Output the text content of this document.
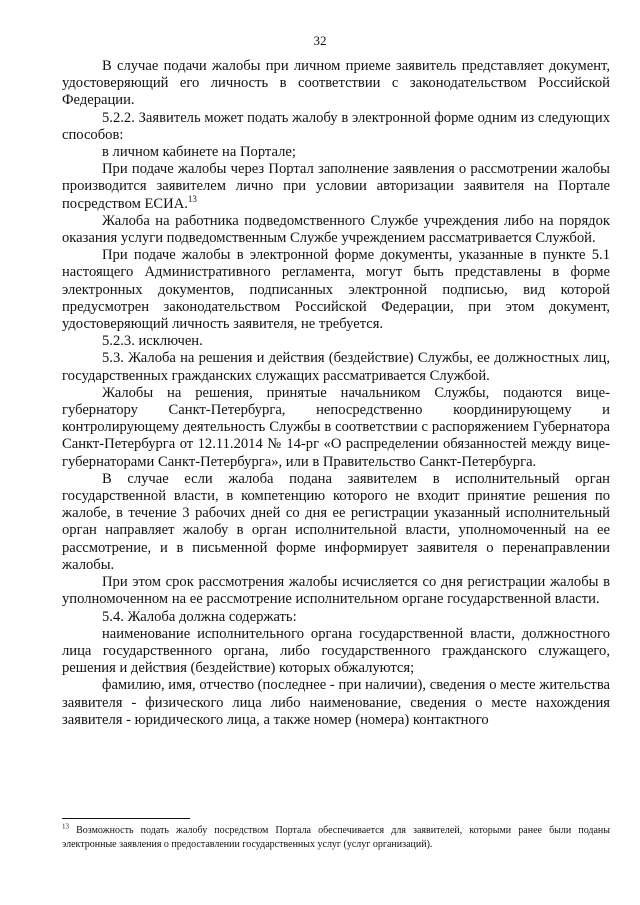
32

В случае подачи жалобы при личном приеме заявитель представляет документ, удостоверяющий его личность в соответствии с законодательством Российской Федерации.

5.2.2. Заявитель может подать жалобу в электронной форме одним из следующих способов:

в личном кабинете на Портале;

При подаче жалобы через Портал заполнение заявления о рассмотрении жалобы производится заявителем лично при условии авторизации заявителя на Портале посредством ЕСИА.$^{13}$

Жалоба на работника подведомственного Службе учреждения либо на порядок оказания услуги подведомственным Службе учреждением рассматривается Службой.

При подаче жалобы в электронной форме документы, указанные в пункте 5.1 настоящего Административного регламента, могут быть представлены в форме электронных документов, подписанных электронной подписью, вид которой предусмотрен законодательством Российской Федерации, при этом документ, удостоверяющий личность заявителя, не требуется.

5.2.3. исключен.

5.3. Жалоба на решения и действия (бездействие) Службы, ее должностных лиц, государственных гражданских служащих рассматривается Службой.

Жалобы на решения, принятые начальником Службы, подаются вице-губернатору Санкт-Петербурга, непосредственно координирующему и контролирующему деятельность Службы в соответствии с распоряжением Губернатора Санкт-Петербурга от 12.11.2014 № 14-рг «О распределении обязанностей между вице-губернаторами Санкт-Петербурга», или в Правительство Санкт-Петербурга.

В случае если жалоба подана заявителем в исполнительный орган государственной власти, в компетенцию которого не входит принятие решения по жалобе, в течение 3 рабочих дней со дня ее регистрации указанный исполнительный орган направляет жалобу в орган исполнительной власти, уполномоченный на ее рассмотрение, и в письменной форме информирует заявителя о перенаправлении жалобы.

При этом срок рассмотрения жалобы исчисляется со дня регистрации жалобы в уполномоченном на ее рассмотрение исполнительном органе государственной власти.

5.4. Жалоба должна содержать:

наименование исполнительного органа государственной власти, должностного лица государственного органа, либо государственного гражданского служащего, решения и действия (бездействие) которых обжалуются;

фамилию, имя, отчество (последнее - при наличии), сведения о месте жительства заявителя - физического лица либо наименование, сведения о месте нахождения заявителя - юридического лица, а также номер (номера) контактного

$^{13}$ Возможность подать жалобу посредством Портала обеспечивается для заявителей, которыми ранее были поданы электронные заявления о предоставлении государственных услуг (услуг организаций).
